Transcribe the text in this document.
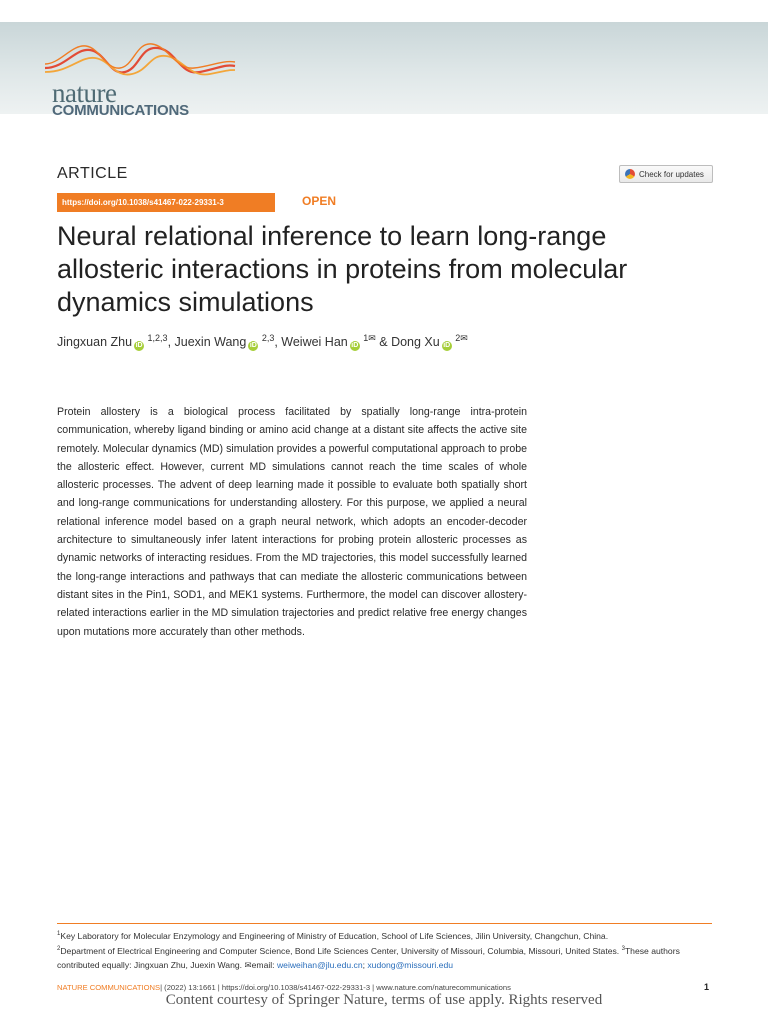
nature
COMMUNICATIONS
ARTICLE	Check for updates
https://doi.org/10.1038/s41467-022-29331-3	OPEN
Neural relational inference to learn long-range allosteric interactions in proteins from molecular dynamics simulations
Jingxuan Zhu iD $^{1,2,3}$, Juexin Wang iD $^{2,3}$, Weiwei Han iD $^{1✉}$ & Dong Xu iD $^{2✉}$

Protein allostery is a biological process facilitated by spatially long-range intra-protein communication, whereby ligand binding or amino acid change at a distant site affects the active site remotely. Molecular dynamics (MD) simulation provides a powerful computational approach to probe the allosteric effect. However, current MD simulations cannot reach the time scales of whole allosteric processes. The advent of deep learning made it possible to evaluate both spatially short and long-range communications for understanding allostery. For this purpose, we applied a neural relational inference model based on a graph neural network, which adopts an encoder-decoder architecture to simultaneously infer latent interactions for probing protein allosteric processes as dynamic networks of interacting residues. From the MD trajectories, this model successfully learned the long-range interactions and pathways that can mediate the allosteric communications between distant sites in the Pin1, SOD1, and MEK1 systems. Furthermore, the model can discover allostery-related interactions earlier in the MD simulation trajectories and predict relative free energy changes upon mutations more accurately than other methods.

$^1$Key Laboratory for Molecular Enzymology and Engineering of Ministry of Education, School of Life Sciences, Jilin University, Changchun, China.

$^2$Department of Electrical Engineering and Computer Science, Bond Life Sciences Center, University of Missouri, Columbia, Missouri, United States. $^3$These authors contributed equally: Jingxuan Zhu, Juexin Wang. ✉email: weiweihan@jlu.edu.cn; xudong@missouri.edu

NATURE COMMUNICATIONS| (2022) 13:1661 | https://doi.org/10.1038/s41467-022-29331-3 | www.nature.com/naturecommunications	1
Content courtesy of Springer Nature, terms of use apply. Rights reserved
